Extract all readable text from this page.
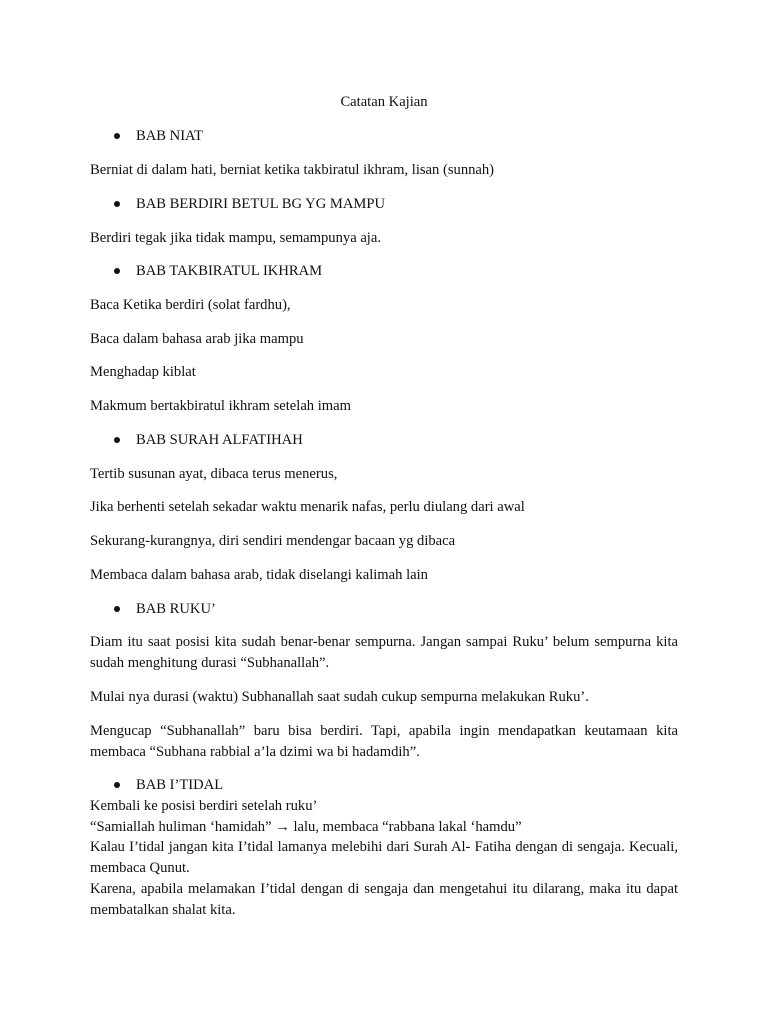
Catatan Kajian
BAB NIAT
Berniat di dalam hati, berniat ketika takbiratul ikhram, lisan (sunnah)
BAB BERDIRI BETUL BG YG MAMPU
Berdiri tegak jika tidak mampu, semampunya aja.
BAB TAKBIRATUL IKHRAM
Baca Ketika berdiri (solat fardhu),
Baca dalam bahasa arab jika mampu
Menghadap kiblat
Makmum bertakbiratul ikhram setelah imam
BAB SURAH ALFATIHAH
Tertib susunan ayat, dibaca terus menerus,
Jika berhenti setelah sekadar waktu menarik nafas, perlu diulang dari awal
Sekurang-kurangnya, diri sendiri mendengar bacaan yg dibaca
Membaca dalam bahasa arab, tidak diselangi kalimah lain
BAB RUKU’
Diam itu saat posisi kita sudah benar-benar sempurna. Jangan sampai Ruku’ belum sempurna kita sudah menghitung durasi “Subhanallah”.
Mulai nya durasi (waktu) Subhanallah saat sudah cukup sempurna melakukan Ruku’.
Mengucap “Subhanallah” baru bisa berdiri. Tapi, apabila ingin mendapatkan keutamaan kita membaca “Subhana rabbial a’la dzimi wa bi hadamdih”.
BAB I’TIDAL
Kembali ke posisi berdiri setelah ruku’
“Samiallah huliman ‘hamidah” → lalu, membaca “rabbana lakal ‘hamdu”
Kalau I’tidal jangan kita I’tidal lamanya melebihi dari Surah Al- Fatiha dengan di sengaja. Kecuali, membaca Qunut.
Karena, apabila melamakan I’tidal dengan di sengaja dan mengetahui itu dilarang, maka itu dapat membatalkan shalat kita.
